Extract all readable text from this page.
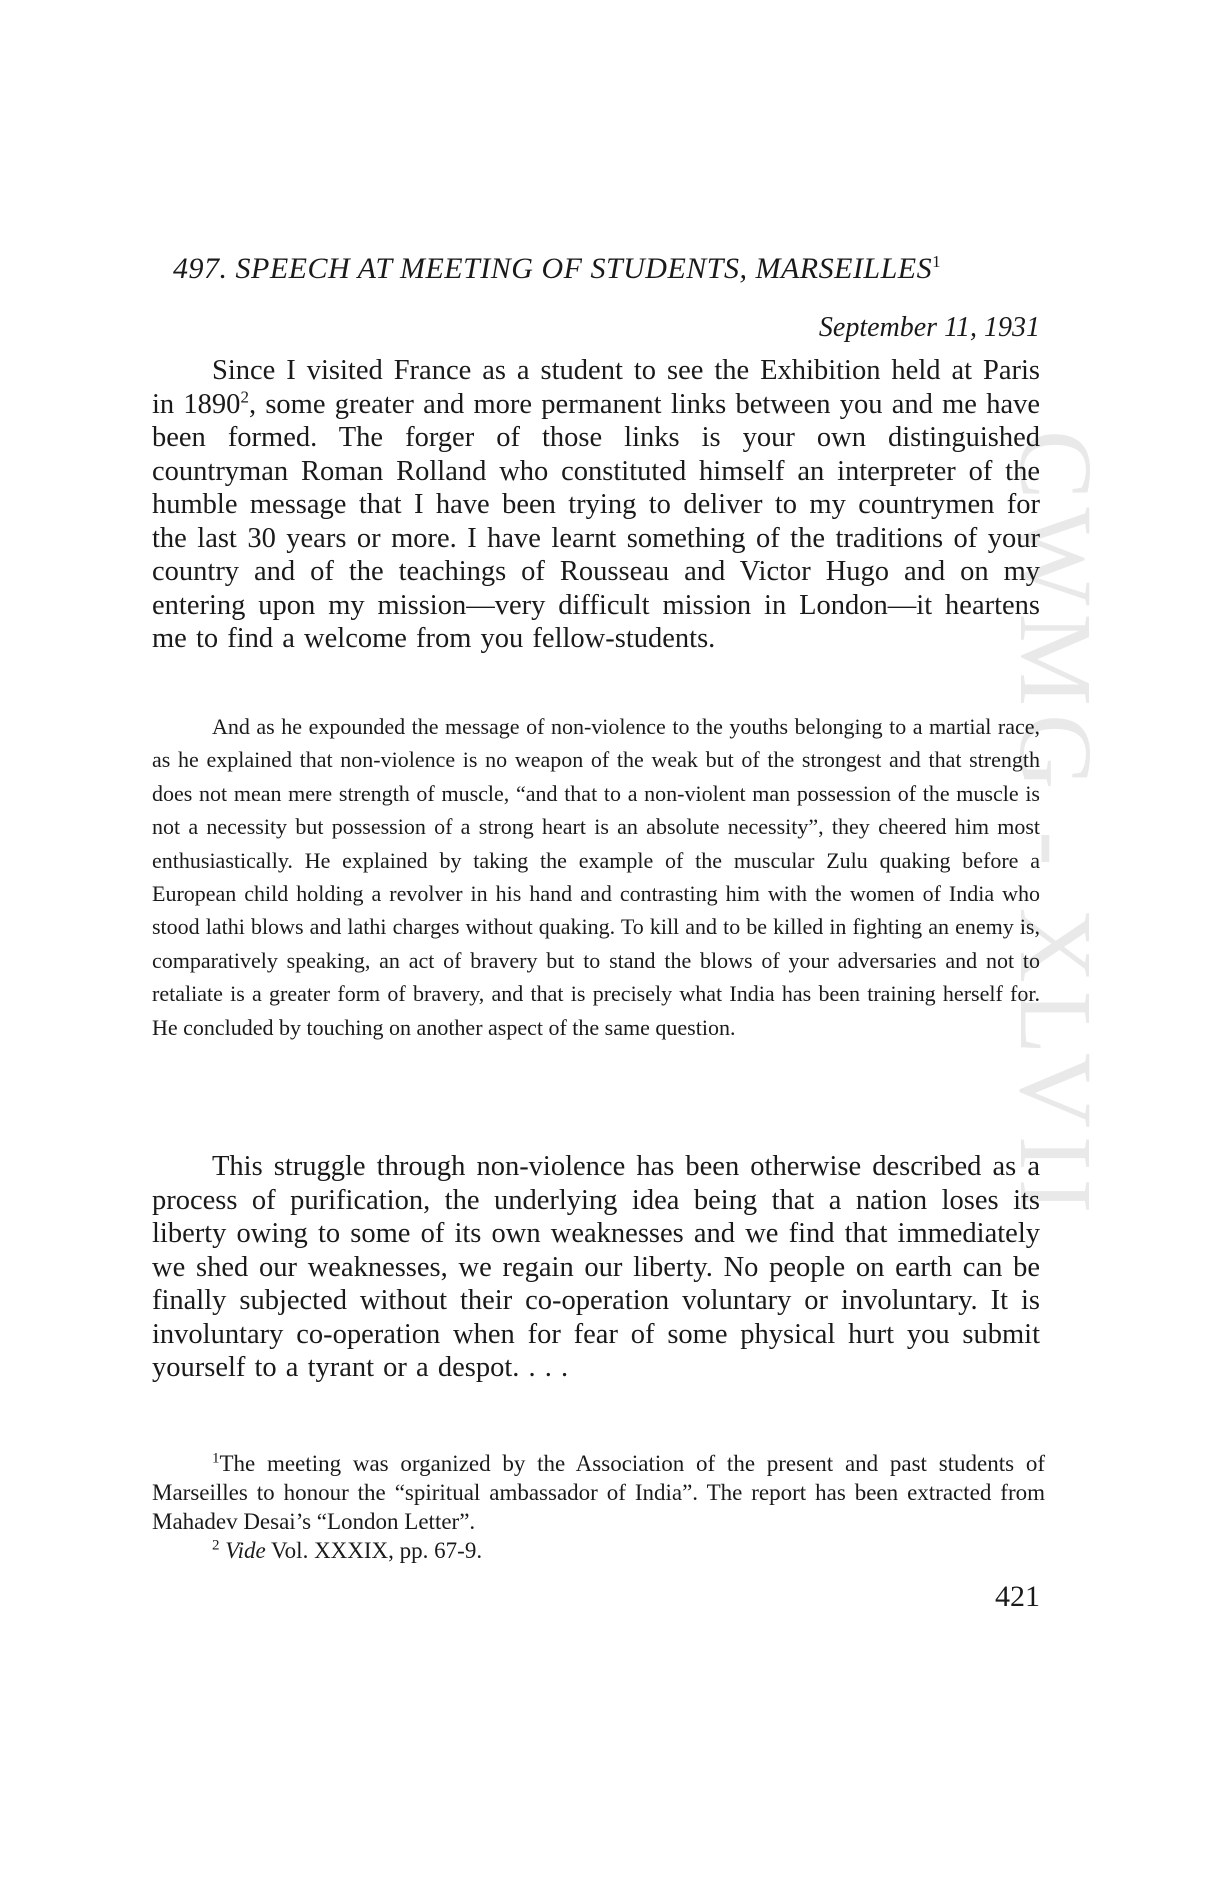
CWMG - XLVII
497. SPEECH AT MEETING OF STUDENTS, MARSEILLES$^1$
September 11, 1931

Since I visited France as a student to see the Exhibition held at Paris in 1890$^2$, some greater and more permanent links between you and me have been formed. The forger of those links is your own distinguished countryman Roman Rolland who constituted himself an interpreter of the humble message that I have been trying to deliver to my countrymen for the last 30 years or more. I have learnt something of the traditions of your country and of the teachings of Rousseau and Victor Hugo and on my entering upon my mission—very difficult mission in London—it heartens me to find a welcome from you fellow-students.

And as he expounded the message of non-violence to the youths belonging to a martial race, as he explained that non-violence is no weapon of the weak but of the strongest and that strength does not mean mere strength of muscle, “and that to a non-violent man possession of the muscle is not a necessity but possession of a strong heart is an absolute necessity”, they cheered him most enthusiastically. He explained by taking the example of the muscular Zulu quaking before a European child holding a revolver in his hand and contrasting him with the women of India who stood lathi blows and lathi charges without quaking. To kill and to be killed in fighting an enemy is, comparatively speaking, an act of bravery but to stand the blows of your adversaries and not to retaliate is a greater form of bravery, and that is precisely what India has been training herself for. He concluded by touching on another aspect of the same question.

This struggle through non-violence has been otherwise described as a process of purification, the underlying idea being that a nation loses its liberty owing to some of its own weaknesses and we find that immediately we shed our weaknesses, we regain our liberty. No people on earth can be finally subjected without their co-operation voluntary or involuntary. It is involuntary co-operation when for fear of some physical hurt you submit yourself to a tyrant or a despot. . . .

$^1$The meeting was organized by the Association of the present and past students of Marseilles to honour the “spiritual ambassador of India”. The report has been extracted from Mahadev Desai’s “London Letter”.

$^2$ Vide Vol. XXXIX, pp. 67-9.

421
